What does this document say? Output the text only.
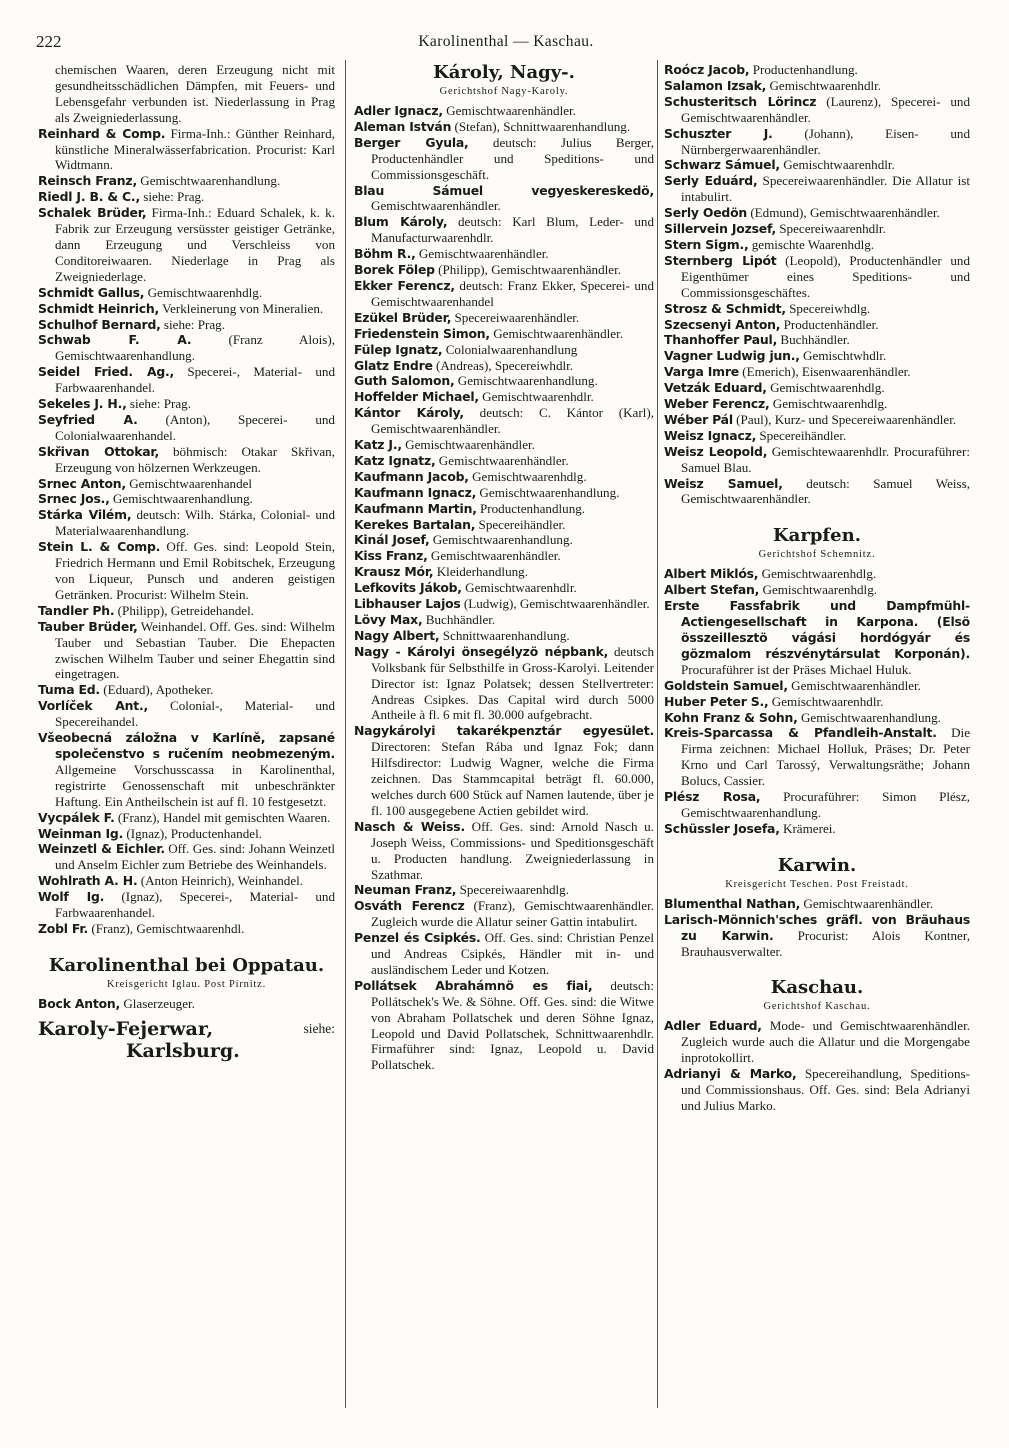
222	Karolinenthal — Kaschau.

chemischen Waaren, deren Erzeugung nicht mit gesundheitsschädlichen Dämpfen, mit Feuers- und Lebensgefahr verbunden ist. Niederlassung in Prag als Zweigniederlassung.

Reinhard & Comp. Firma-Inh.: Günther Reinhard, künstliche Mineralwässerfabrication. Procurist: Karl Widtmann.

Reinsch Franz, Gemischtwaarenhandlung.

Riedl J. B. & C., siehe: Prag.

Schalek Brüder, Firma-Inh.: Eduard Schalek, k. k. Fabrik zur Erzeugung versüsster geistiger Getränke, dann Erzeugung und Verschleiss von Conditoreiwaaren. Niederlage in Prag als Zweigniederlage.

Schmidt Gallus, Gemischtwaarenhdlg.

Schmidt Heinrich, Verkleinerung von Mineralien.

Schulhof Bernard, siehe: Prag.

Schwab F. A.	(Franz Alois), Gemischtwaarenhandlung.

Seidel Fried. Ag., Specerei-, Material- und Farbwaarenhandel.

Sekeles J. H., siehe: Prag.

Seyfried A. (Anton), Specerei- und Colonialwaarenhandel.

Skřivan Ottokar, böhmisch: Otakar Skřivan, Erzeugung von hölzernen Werkzeugen.

Srnec Anton, Gemischtwaarenhandel

Srnec Jos., Gemischtwaarenhandlung.

Stárka Vilém, deutsch: Wilh. Stárka, Colonial- und Materialwaarenhandlung.

Stein L. & Comp. Off. Ges. sind: Leopold Stein, Friedrich Hermann und Emil Robitschek, Erzeugung von Liqueur, Punsch und anderen geistigen Getränken. Procurist: Wilhelm Stein.

Tandler Ph. (Philipp), Getreidehandel.

Tauber Brüder, Weinhandel. Off. Ges. sind: Wilhelm Tauber und Sebastian Tauber. Die Ehepacten zwischen Wilhelm Tauber und seiner Ehegattin sind eingetragen.

Tuma Ed. (Eduard), Apotheker.

Vorlíček Ant., Colonial-, Material- und Specereihandel.

Všeobecná záložna v Karlíně, zapsané společenstvo s ručením neobmezeným. Allgemeine Vorschusscassa in Karolinenthal, registrirte Genossenschaft mit unbeschränkter Haftung. Ein Antheilschein ist auf fl. 10 festgesetzt.

Vycpálek F. (Franz), Handel mit gemischten Waaren.

Weinman Ig. (Ignaz), Productenhandel.

Weinzetl & Eichler. Off. Ges. sind: Johann Weinzetl und Anselm Eichler zum Betriebe des Weinhandels.

Wohlrath A. H. (Anton Heinrich), Weinhandel.

Wolf Ig. (Ignaz), Specerei-, Material- und Farbwaarenhandel.

Zobl Fr. (Franz), Gemischtwaarenhdl.

Karolinenthal bei Oppatau.

Kreisgericht Iglau. Post Pirnitz.

Bock Anton, Glaserzeuger.

Karoly-Fejerwar,	siehe:
Karlsburg.

Károly, Nagy-.

Gerichtshof Nagy-Karoly.

Adler Ignacz, Gemischtwaarenhändler.

Aleman István (Stefan), Schnittwaarenhandlung.

Berger Gyula, deutsch: Julius Berger, Productenhändler und Speditions- und Commissionsgeschäft.

Blau Sámuel vegyeskereskedö, Gemischtwaarenhändler.

Blum Károly, deutsch: Karl Blum, Leder- und Manufacturwaarenhdlr.

Böhm R., Gemischtwaarenhändler.

Borek Fölep (Philipp), Gemischtwaarenhändler.

Ekker Ferencz, deutsch: Franz Ekker, Specerei- und Gemischtwaarenhandel

Ezükel Brüder, Specereiwaarenhändler.

Friedenstein Simon, Gemischtwaarenhändler.

Fülep Ignatz, Colonialwaarenhandlung

Glatz Endre (Andreas), Specereiwhdlr.

Guth Salomon, Gemischtwaarenhandlung.

Hoffelder Michael, Gemischtwaarenhdlr.

Kántor Károly, deutsch: C. Kántor (Karl), Gemischtwaarenhändler.

Katz J., Gemischtwaarenhändler.

Katz Ignatz, Gemischtwaarenhändler.

Kaufmann Jacob, Gemischtwaarenhdlg.

Kaufmann Ignacz, Gemischtwaarenhandlung.

Kaufmann Martin, Productenhandlung.

Kerekes Bartalan, Specereihändler.

Kinál Josef, Gemischtwaarenhandlung.

Kiss Franz, Gemischtwaarenhändler.

Krausz Mór, Kleiderhandlung.

Lefkovits Jákob, Gemischtwaarenhdlr.

Libhauser Lajos (Ludwig), Gemischtwaarenhändler.

Lövy Max, Buchhändler.

Nagy Albert, Schnittwaarenhandlung.

Nagy - Károlyi önsegélyzö népbank, deutsch Volksbank für Selbsthilfe in Gross-Karolyi. Leitender Director ist: Ignaz Polatsek; dessen Stellvertreter: Andreas Csipkes. Das Capital wird durch 5000 Antheile à fl. 6 mit fl. 30.000 aufgebracht.

Nagykárolyi takarékpenztár egyesület. Directoren: Stefan Rába und Ignaz Fok; dann Hilfsdirector: Ludwig Wagner, welche die Firma zeichnen. Das Stammcapital beträgt fl. 60.000, welches durch 600 Stück auf Namen lautende, über je fl. 100 ausgegebene Actien gebildet wird.

Nasch & Weiss. Off. Ges. sind: Arnold Nasch u. Joseph Weiss, Commissions- und Speditionsgeschäft u. Producten handlung. Zweigniederlassung in Szathmar.

Neuman Franz, Specereiwaarenhdlg.

Osváth Ferencz (Franz), Gemischtwaarenhändler. Zugleich wurde die Allatur seiner Gattin intabulirt.

Penzel és Csipkés. Off. Ges. sind: Christian Penzel und Andreas Csipkés, Händler mit in- und ausländischem Leder und Kotzen.

Pollátsek Abrahámnö es fiai, deutsch: Pollátschek's We. & Söhne. Off. Ges. sind: die Witwe von Abraham Pollatschek und deren Söhne Ignaz, Leopold und David Pollatschek, Schnittwaarenhdlr. Firmaführer sind: Ignaz, Leopold u. David Pollatschek.

Roócz Jacob, Productenhandlung.

Salamon Izsak, Gemischtwaarenhdlr.

Schusteritsch Lörincz (Laurenz), Specerei- und Gemischtwaarenhändler.

Schuszter J. (Johann), Eisen- und Nürnbergerwaarenhändler.

Schwarz Sámuel, Gemischtwaarenhdlr.

Serly Eduárd, Specereiwaarenhändler. Die Allatur ist intabulirt.

Serly Oedön (Edmund), Gemischtwaarenhändler.

Sillervein Jozsef, Specereiwaarenhdlr.

Stern Sigm., gemischte Waarenhdlg.

Sternberg Lipót (Leopold), Productenhändler und Eigenthümer eines Speditions- und Commissionsgeschäftes.

Strosz & Schmidt, Specereiwhdlg.

Szecsenyi Anton, Productenhändler.

Thanhoffer Paul, Buchhändler.

Vagner Ludwig jun., Gemischtwhdlr.

Varga Imre (Emerich), Eisenwaarenhändler.

Vetzák Eduard, Gemischtwaarenhdlg.

Weber Ferencz, Gemischtwaarenhdlg.

Wéber Pál (Paul), Kurz- und Specereiwaarenhändler.

Weisz Ignacz, Specereihändler.

Weisz Leopold, Gemischtewaarenhdlr. Procuraführer: Samuel Blau.

Weisz Samuel, deutsch: Samuel Weiss, Gemischtwaarenhändler.

Karpfen.

Gerichtshof Schemnitz.

Albert Miklós, Gemischtwaarenhdlg.

Albert Stefan, Gemischtwaarenhdlg.

Erste Fassfabrik und Dampfmühl-Actiengesellschaft in Karpona. (Elsö összeillesztö vágási hordógyár és gözmalom részvénytársulat Korponán). Procuraführer ist der Präses Michael Huluk.

Goldstein Samuel, Gemischtwaarenhändler.

Huber Peter S., Gemischtwaarenhdlr.

Kohn Franz & Sohn, Gemischtwaarenhandlung.

Kreis-Sparcassa & Pfandleih-Anstalt. Die Firma zeichnen: Michael Holluk, Präses; Dr. Peter Krno und Carl Tarossý, Verwaltungsräthe; Johann Bolucs, Cassier.

Plész Rosa, Procuraführer: Simon Plész, Gemischtwaarenhandlung.

Schüssler Josefa, Krämerei.

Karwin.

Kreisgericht Teschen. Post Freistadt.

Blumenthal Nathan, Gemischtwaarenhändler.

Larisch-Mönnich'sches gräfl. von Bräuhaus zu Karwin. Procurist: Alois Kontner, Brauhausverwalter.

Kaschau.

Gerichtshof Kaschau.

Adler Eduard, Mode- und Gemischtwaarenhändler. Zugleich wurde auch die Allatur und die Morgengabe inprotokollirt.

Adrianyi & Marko, Specereihandlung, Speditions- und Commissionshaus. Off. Ges. sind: Bela Adrianyi und Julius Marko.
